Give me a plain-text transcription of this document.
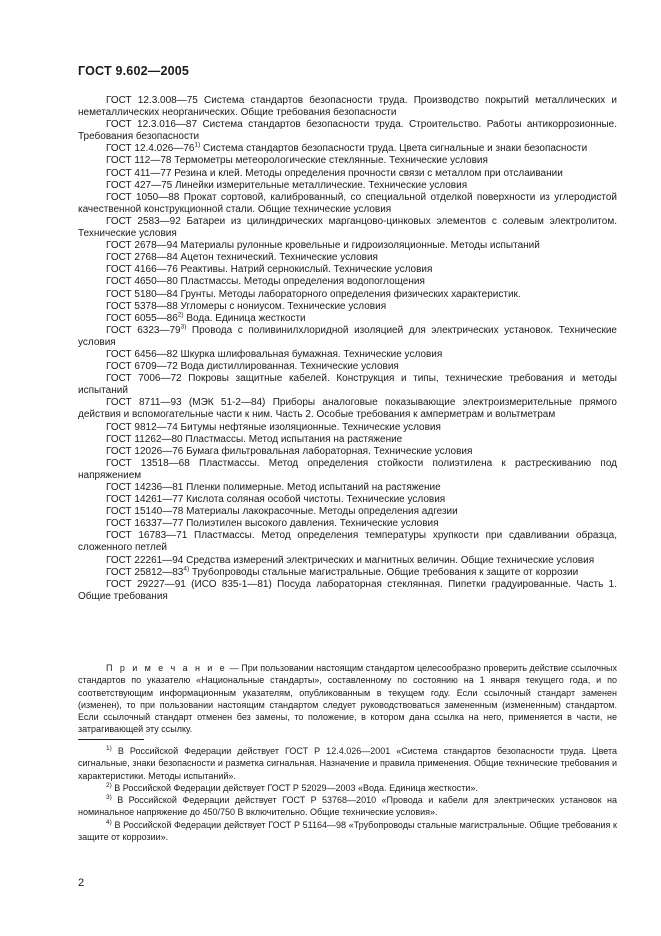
ГОСТ 9.602—2005

ГОСТ 12.3.008—75 Система стандартов безопасности труда. Производство покрытий металлических и неметаллических неорганических. Общие требования безопасности

ГОСТ 12.3.016—87 Система стандартов безопасности труда. Строительство. Работы антикоррозионные. Требования безопасности

ГОСТ 12.4.026—76$^{1)}$ Система стандартов безопасности труда. Цвета сигнальные и знаки безопасности

ГОСТ 112—78 Термометры метеорологические стеклянные. Технические условия

ГОСТ 411—77 Резина и клей. Методы определения прочности связи с металлом при отслаивании

ГОСТ 427—75 Линейки измерительные металлические. Технические условия

ГОСТ 1050—88 Прокат сортовой, калиброванный, со специальной отделкой поверхности из углеродистой качественной конструкционной стали. Общие технические условия

ГОСТ 2583—92 Батареи из цилиндрических марганцово-цинковых элементов с солевым электролитом. Технические условия

ГОСТ 2678—94 Материалы рулонные кровельные и гидроизоляционные. Методы испытаний

ГОСТ 2768—84 Ацетон технический. Технические условия

ГОСТ 4166—76 Реактивы. Натрий сернокислый. Технические условия

ГОСТ 4650—80 Пластмассы. Методы определения водопоглощения

ГОСТ 5180—84 Грунты. Методы лабораторного определения физических характеристик.

ГОСТ 5378—88 Угломеры с нониусом. Технические условия

ГОСТ 6055—86$^{2)}$ Вода. Единица жесткости

ГОСТ 6323—79$^{3)}$ Провода с поливинилхлоридной изоляцией для электрических установок. Технические условия

ГОСТ 6456—82 Шкурка шлифовальная бумажная. Технические условия

ГОСТ 6709—72 Вода дистиллированная. Технические условия

ГОСТ 7006—72 Покровы защитные кабелей. Конструкция и типы, технические требования и методы испытаний

ГОСТ 8711—93 (МЭК 51-2—84) Приборы аналоговые показывающие электроизмерительные прямого действия и вспомогательные части к ним. Часть 2. Особые требования к амперметрам и вольтметрам

ГОСТ 9812—74 Битумы нефтяные изоляционные. Технические условия

ГОСТ 11262—80 Пластмассы. Метод испытания на растяжение

ГОСТ 12026—76 Бумага фильтровальная лабораторная. Технические условия

ГОСТ 13518—68 Пластмассы. Метод определения стойкости полиэтилена к растрескиванию под напряжением

ГОСТ 14236—81 Пленки полимерные. Метод испытаний на растяжение

ГОСТ 14261—77 Кислота соляная особой чистоты. Технические условия

ГОСТ 15140—78 Материалы лакокрасочные. Методы определения адгезии

ГОСТ 16337—77 Полиэтилен высокого давления. Технические условия

ГОСТ 16783—71 Пластмассы. Метод определения температуры хрупкости при сдавливании образца, сложенного петлей

ГОСТ 22261—94 Средства измерений электрических и магнитных величин. Общие технические условия

ГОСТ 25812—83$^{4)}$ Трубопроводы стальные магистральные. Общие требования к защите от коррозии

ГОСТ 29227—91 (ИСО 835-1—81) Посуда лабораторная стеклянная. Пипетки градуированные. Часть 1. Общие требования

П р и м е ч а н и е — При пользовании настоящим стандартом целесообразно проверить действие ссылочных стандартов по указателю «Национальные стандарты», составленному по состоянию на 1 января текущего года, и по соответствующим информационным указателям, опубликованным в текущем году. Если ссылочный стандарт заменен (изменен), то при пользовании настоящим стандартом следует руководствоваться замененным (измененным) стандартом. Если ссылочный стандарт отменен без замены, то положение, в котором дана ссылка на него, применяется в части, не затрагивающей эту ссылку.

$^{1)}$ В Российской Федерации действует ГОСТ Р 12.4.026—2001 «Система стандартов безопасности труда. Цвета сигнальные, знаки безопасности и разметка сигнальная. Назначение и правила применения. Общие технические требования и характеристики. Методы испытаний».

$^{2)}$ В Российской Федерации действует ГОСТ Р 52029—2003 «Вода. Единица жесткости».

$^{3)}$ В Российской Федерации действует ГОСТ Р 53768—2010 «Провода и кабели для электрических установок на номинальное напряжение до 450/750 В включительно. Общие технические условия».

$^{4)}$ В Российской Федерации действует ГОСТ Р 51164—98 «Трубопроводы стальные магистральные. Общие требования к защите от коррозии».

2
